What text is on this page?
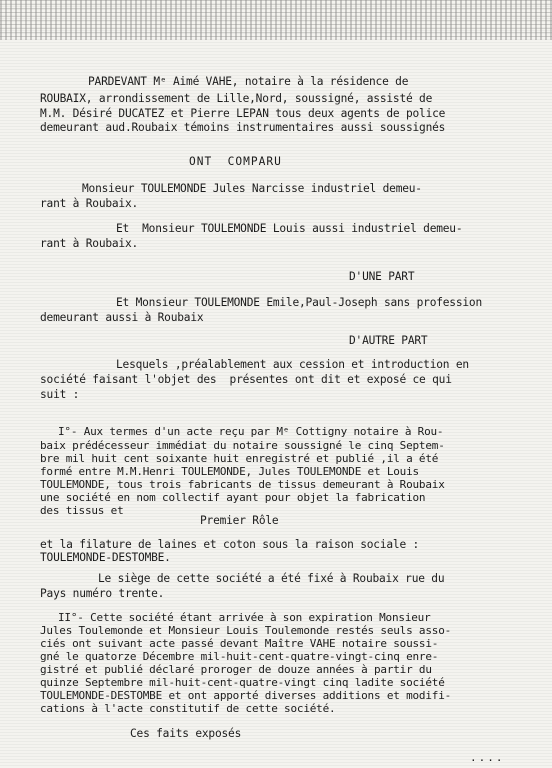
PARDEVANT Mᵉ Aimé VAHE, notaire à la résidence de
ROUBAIX, arrondissement de Lille,Nord, soussigné, assisté de
M.M. Désiré DUCATEZ et Pierre LEPAN tous deux agents de police
demeurant aud.Roubaix témoins instrumentaires aussi soussignés
ONT  COMPARU
Monsieur TOULEMONDE Jules Narcisse industriel demeu-
rant à Roubaix.
Et  Monsieur TOULEMONDE Louis aussi industriel demeu-
rant à Roubaix.
D'UNE PART
Et Monsieur TOULEMONDE Emile,Paul-Joseph sans profession
demeurant aussi à Roubaix
D'AUTRE PART
Lesquels ,préalablement aux cession et introduction en
société faisant l'objet des  présentes ont dit et exposé ce qui
suit :
I°- Aux termes d'un acte reçu par Mᵉ Cottigny notaire à Rou-
baix prédécesseur immédiat du notaire soussigné le cinq Septem-
bre mil huit cent soixante huit enregistré et publié ,il a été
formé entre M.M.Henri TOULEMONDE, Jules TOULEMONDE et Louis
TOULEMONDE, tous trois fabricants de tissus demeurant à Roubaix
une société en nom collectif ayant pour objet la fabrication
des tissus et
Premier Rôle
et la filature de laines et coton sous la raison sociale :
TOULEMONDE-DESTOMBE.
Le siège de cette société a été fixé à Roubaix rue du
Pays numéro trente.
II°- Cette société étant arrivée à son expiration Monsieur
Jules Toulemonde et Monsieur Louis Toulemonde restés seuls asso-
ciés ont suivant acte passé devant Maître VAHE notaire soussi-
gné le quatorze Décembre mil-huit-cent-quatre-vingt-cinq enre-
gistré et publié déclaré proroger de douze années à partir du
quinze Septembre mil-huit-cent-quatre-vingt cinq ladite société
TOULEMONDE-DESTOMBE et ont apporté diverses additions et modifi-
cations à l'acte constitutif de cette société.
Ces faits exposés
....
